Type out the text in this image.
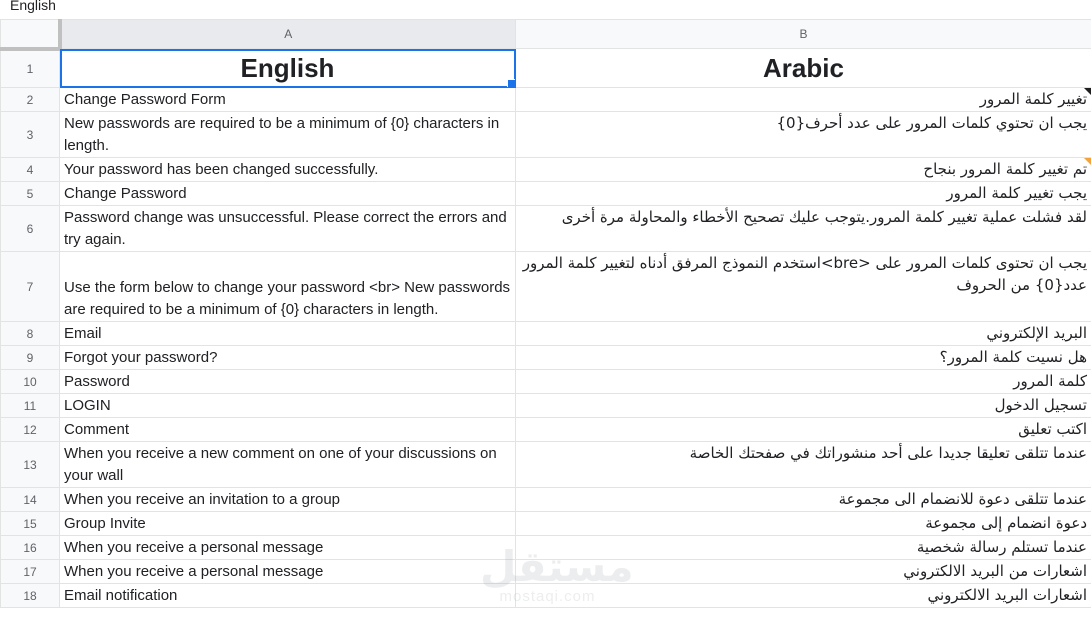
English
	A	B
1	English	Arabic
2	Change Password Form	تغيير كلمة المرور
3	New passwords are required to be a minimum of {0} characters in length.	يجب ان تحتوي كلمات المرور على عدد أحرف{0}
4	Your password has been changed successfully.	تم تغيير كلمة المرور بنجاح
5	Change Password	يجب تغيير كلمة المرور
6	Password change was unsuccessful. Please correct the errors and try again.	لقد فشلت عملية تغيير كلمة المرور.يتوجب عليك تصحيح الأخطاء والمحاولة مرة أخرى
7	Use the form below to change your password <br> New passwords are required to be a minimum of {0} characters in length.	يجب ان تحتوى كلمات المرور على <bre>استخدم النموذج المرفق أدناه لتغيير كلمة المرور عدد{0} من الحروف
8	Email	البريد الإلكتروني
9	Forgot your password?	هل نسيت كلمة المرور؟
10	Password	كلمة المرور
11	LOGIN	تسجيل الدخول
12	Comment	اكتب تعليق
13	When you receive a new comment on one of your discussions on your wall	عندما تتلقى تعليقا جديدا على أحد منشوراتك في صفحتك الخاصة
14	When you receive an invitation to a group	عندما تتلقى دعوة للانضمام الى مجموعة
15	Group Invite	دعوة انضمام إلى مجموعة
16	When you receive a personal message	عندما تستلم رسالة شخصية
17	When you receive a personal message	اشعارات من البريد الالكتروني
18	Email notification	اشعارات البريد الالكتروني
مستقل
mostaqi.com
